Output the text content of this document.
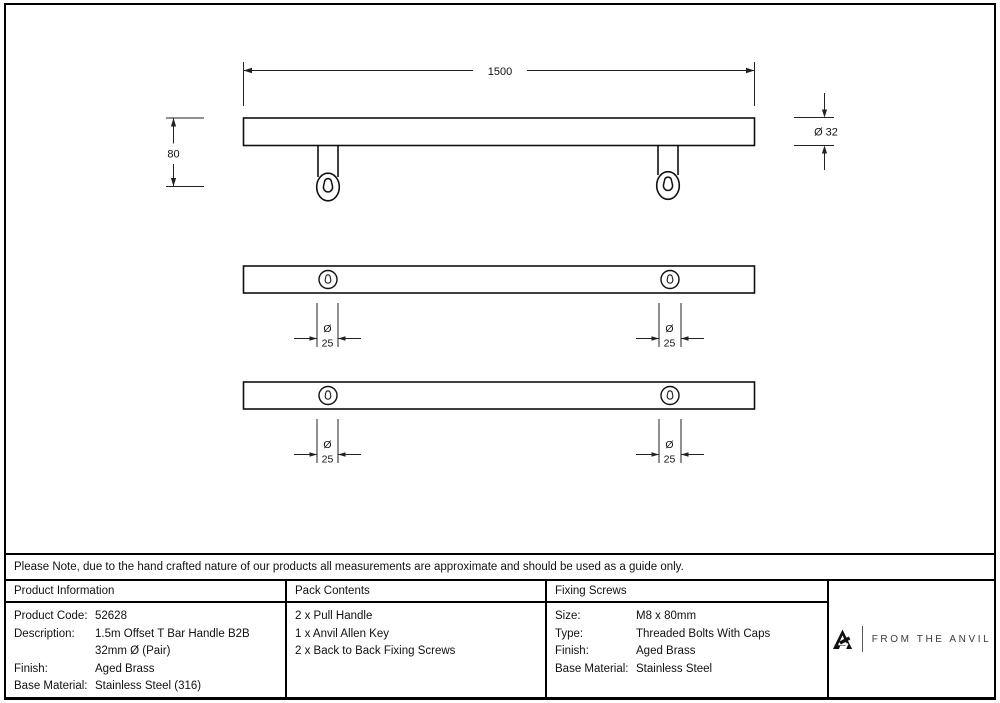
1500
80
Ø 32
Ø
25
Ø
25
Ø
25
Ø
25
Please Note, due to the hand crafted nature of our products all measurements are approximate and should be used as a guide only.
Product Information
Product Code: 52628
Description:	1.5m Offset T Bar Handle B2B
32mm Ø (Pair)
Finish:	Aged Brass
Base Material: Stainless Steel (316)
Pack Contents
2 x Pull Handle
1 x Anvil Allen Key
2 x Back to Back Fixing Screws
Fixing Screws
Size:	M8 x 80mm
Type:	Threaded Bolts With Caps
Finish:	Aged Brass
Base Material: Stainless Steel
FROM THE ANVIL
